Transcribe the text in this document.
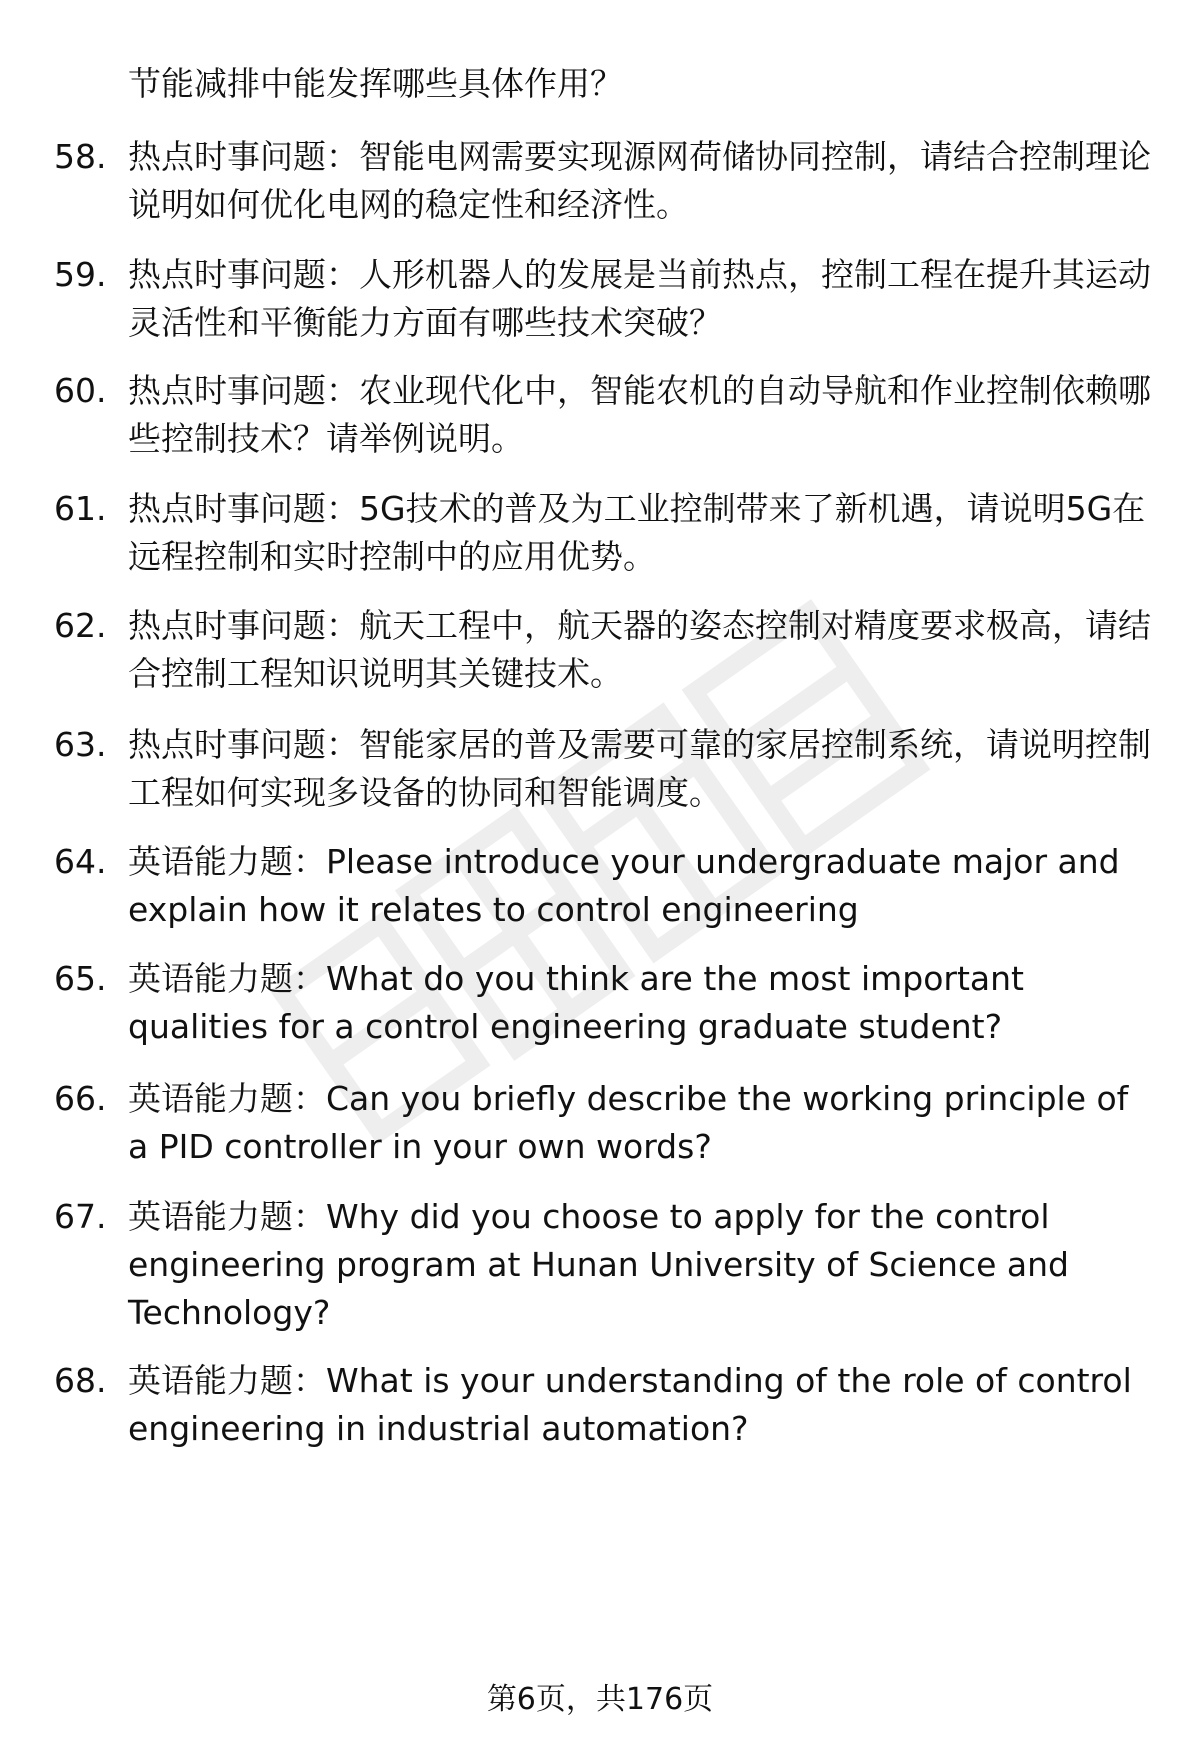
节能减排中能发挥哪些具体作用？
58. 热点时事问题：智能电网需要实现源网荷储协同控制，请结合控制理论说明如何优化电网的稳定性和经济性。
59. 热点时事问题：人形机器人的发展是当前热点，控制工程在提升其运动灵活性和平衡能力方面有哪些技术突破？
60. 热点时事问题：农业现代化中，智能农机的自动导航和作业控制依赖哪些控制技术？请举例说明。
61. 热点时事问题：5G技术的普及为工业控制带来了新机遇，请说明5G在远程控制和实时控制中的应用优势。
62. 热点时事问题：航天工程中，航天器的姿态控制对精度要求极高，请结合控制工程知识说明其关键技术。
63. 热点时事问题：智能家居的普及需要可靠的家居控制系统，请说明控制工程如何实现多设备的协同和智能调度。
64. 英语能力题：Please introduce your undergraduate major and explain how it relates to control engineering
65. 英语能力题：What do you think are the most important qualities for a control engineering graduate student?
66. 英语能力题：Can you briefly describe the working principle of a PID controller in your own words?
67. 英语能力题：Why did you choose to apply for the control engineering program at Hunan University of Science and Technology?
68. 英语能力题：What is your understanding of the role of control engineering in industrial automation?
第6页，共176页
